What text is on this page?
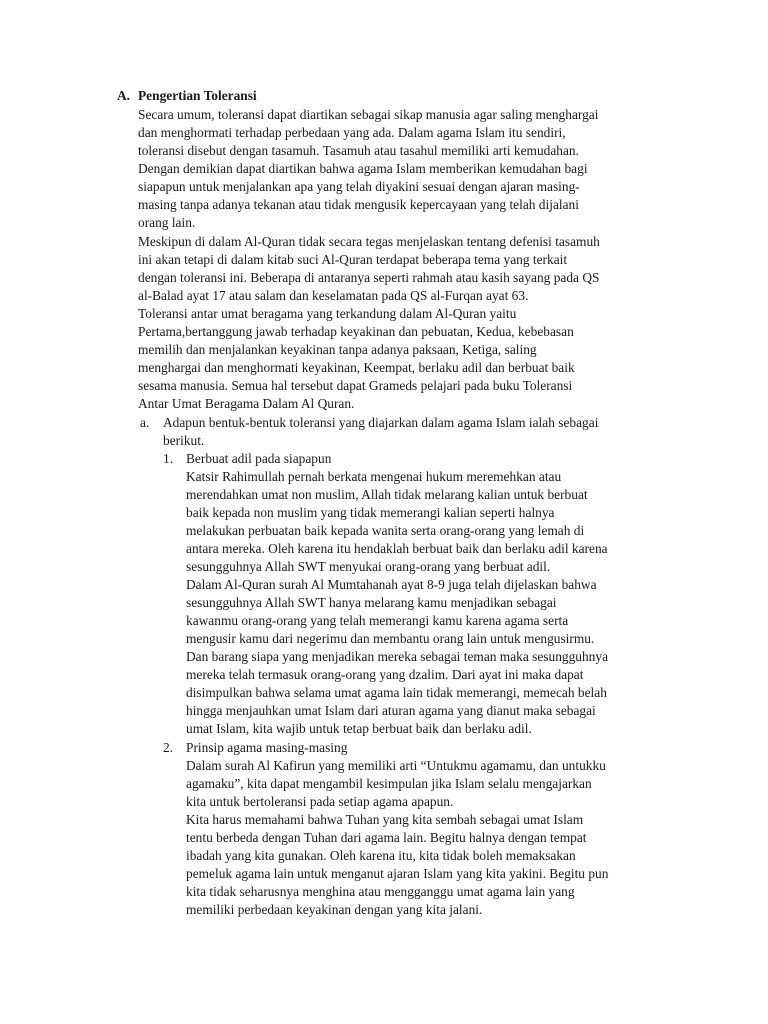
A. Pengertian Toleransi
Secara umum, toleransi dapat diartikan sebagai sikap manusia agar saling menghargai
dan menghormati terhadap perbedaan yang ada. Dalam agama Islam itu sendiri,
toleransi disebut dengan tasamuh. Tasamuh atau tasahul memiliki arti kemudahan.
Dengan demikian dapat diartikan bahwa agama Islam memberikan kemudahan bagi
siapapun untuk menjalankan apa yang telah diyakini sesuai dengan ajaran masing-
masing tanpa adanya tekanan atau tidak mengusik kepercayaan yang telah dijalani
orang lain.
Meskipun di dalam Al-Quran tidak secara tegas menjelaskan tentang defenisi tasamuh
ini akan tetapi di dalam kitab suci Al-Quran terdapat beberapa tema yang terkait
dengan toleransi ini. Beberapa di antaranya seperti rahmah atau kasih sayang pada QS
al-Balad ayat 17 atau salam dan keselamatan pada QS al-Furqan ayat 63.
Toleransi antar umat beragama yang terkandung dalam Al-Quran yaitu
Pertama,bertanggung jawab terhadap keyakinan dan pebuatan, Kedua, kebebasan
memilih dan menjalankan keyakinan tanpa adanya paksaan, Ketiga, saling
menghargai dan menghormati keyakinan, Keempat, berlaku adil dan berbuat baik
sesama manusia. Semua hal tersebut dapat Grameds pelajari pada buku Toleransi
Antar Umat Beragama Dalam Al Quran.
a. Adapun bentuk-bentuk toleransi yang diajarkan dalam agama Islam ialah sebagai
berikut.
1. Berbuat adil pada siapapun
Katsir Rahimullah pernah berkata mengenai hukum meremehkan atau
merendahkan umat non muslim, Allah tidak melarang kalian untuk berbuat
baik kepada non muslim yang tidak memerangi kalian seperti halnya
melakukan perbuatan baik kepada wanita serta orang-orang yang lemah di
antara mereka. Oleh karena itu hendaklah berbuat baik dan berlaku adil karena
sesungguhnya Allah SWT menyukai orang-orang yang berbuat adil.
Dalam Al-Quran surah Al Mumtahanah ayat 8-9 juga telah dijelaskan bahwa
sesungguhnya Allah SWT hanya melarang kamu menjadikan sebagai
kawanmu orang-orang yang telah memerangi kamu karena agama serta
mengusir kamu dari negerimu dan membantu orang lain untuk mengusirmu.
Dan barang siapa yang menjadikan mereka sebagai teman maka sesungguhnya
mereka telah termasuk orang-orang yang dzalim. Dari ayat ini maka dapat
disimpulkan bahwa selama umat agama lain tidak memerangi, memecah belah
hingga menjauhkan umat Islam dari aturan agama yang dianut maka sebagai
umat Islam, kita wajib untuk tetap berbuat baik dan berlaku adil.
2. Prinsip agama masing-masing
Dalam surah Al Kafirun yang memiliki arti “Untukmu agamamu, dan untukku
agamaku”, kita dapat mengambil kesimpulan jika Islam selalu mengajarkan
kita untuk bertoleransi pada setiap agama apapun.
Kita harus memahami bahwa Tuhan yang kita sembah sebagai umat Islam
tentu berbeda dengan Tuhan dari agama lain. Begitu halnya dengan tempat
ibadah yang kita gunakan. Oleh karena itu, kita tidak boleh memaksakan
pemeluk agama lain untuk menganut ajaran Islam yang kita yakini. Begitu pun
kita tidak seharusnya menghina atau mengganggu umat agama lain yang
memiliki perbedaan keyakinan dengan yang kita jalani.
